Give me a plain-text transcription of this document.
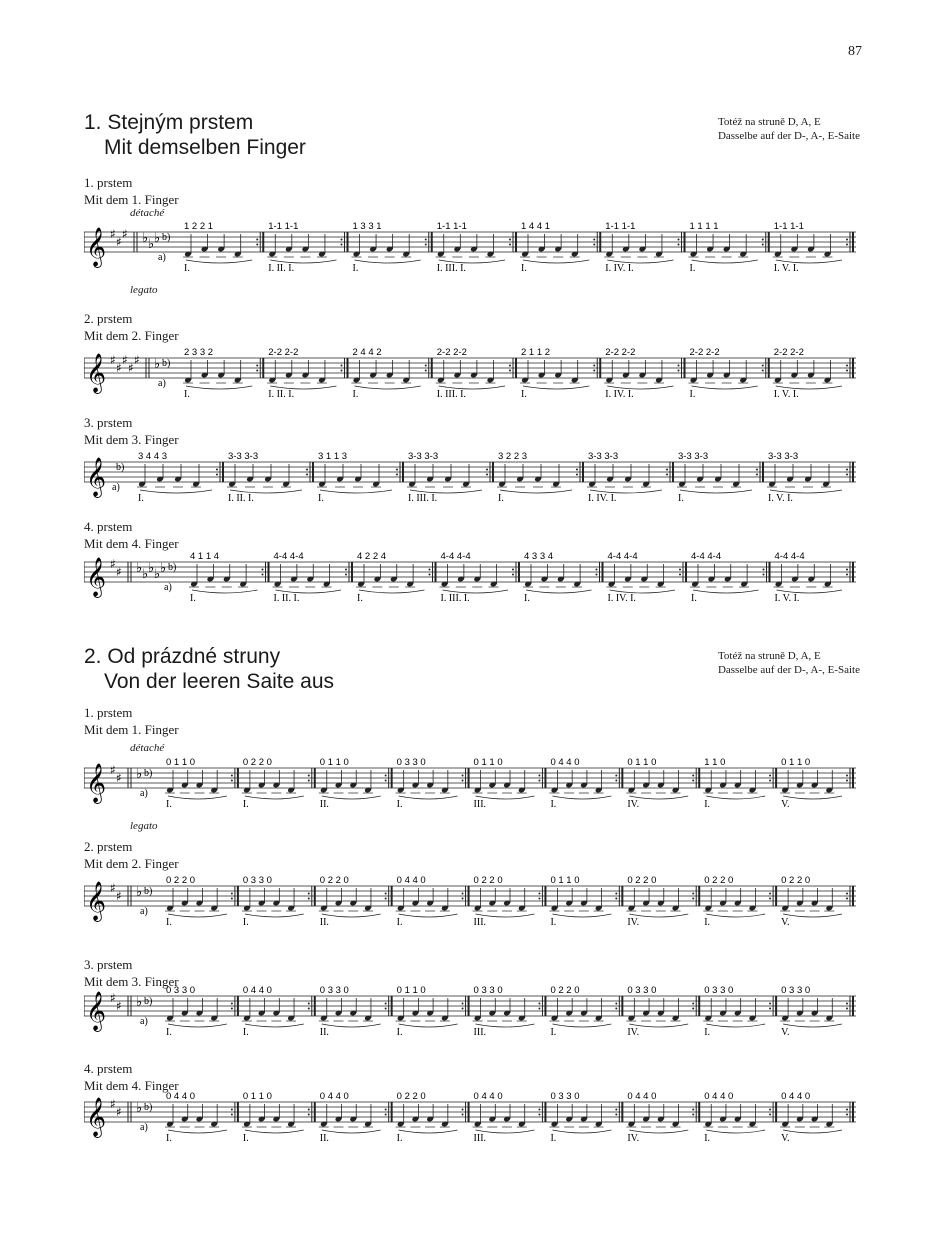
87
1. Stejným prstem
Mit demselben Finger
Totéž na struně D, A, E
Dasselbe auf der D-, A-, E-Saite
1. prstem
Mit dem 1. Finger
détaché
𝄞 ♯
♯
♯ ♭ ♭ ♭ b)
a)
1 2 2 1
I.
1-1 1-1
I. II. I.
1 3 3 1
I.
1-1 1-1
I. III. I.
1 4 4 1
I.
1-1 1-1
I. IV. I.
1 1 1 1
I.
1-1 1-1
I. V. I.
legato
2. prstem
Mit dem 2. Finger
𝄞 ♯
♯
♯
♯
♯ ♭ b)
a)
2 3 3 2
I.
2-2 2-2
I. II. I.
2 4 4 2
I.
2-2 2-2
I. III. I.
2 1 1 2
I.
2-2 2-2
I. IV. I.
2-2 2-2
I.
2-2 2-2
I. V. I.
3. prstem
Mit dem 3. Finger
𝄞 b)
a)
3 4 4 3
I.
3-3 3-3
I. II. I.
3 1 1 3
I.
3-3 3-3
I. III. I.
3 2 2 3
I.
3-3 3-3
I. IV. I.
3-3 3-3
I.
3-3 3-3
I. V. I.
4. prstem
Mit dem 4. Finger
𝄞 ♯
♯ ♭ ♭ ♭ ♭ ♭ b)
a)
4 1 1 4
I.
4-4 4-4
I. II. I.
4 2 2 4
I.
4-4 4-4
I. III. I.
4 3 3 4
I.
4-4 4-4
I. IV. I.
4-4 4-4
I.
4-4 4-4
I. V. I.
2. Od prázdné struny
Von der leeren Saite aus
Totéž na struně D, A, E
Dasselbe auf der D-, A-, E-Saite
1. prstem
Mit dem 1. Finger
détaché
𝄞 ♯
♯ ♭ b)
a)
0 1 1 0
I.
0 2 2 0
I.
0 1 1 0
II.
0 3 3 0
I.
0 1 1 0
III.
0 4 4 0
I.
0 1 1 0
IV.
1 1 0
I.
0 1 1 0
V.
legato
2. prstem
Mit dem 2. Finger
𝄞 ♯
♯ ♭ b)
a)
0 2 2 0
I.
0 3 3 0
I.
0 2 2 0
II.
0 4 4 0
I.
0 2 2 0
III.
0 1 1 0
I.
0 2 2 0
IV.
0 2 2 0
I.
0 2 2 0
V.
3. prstem
Mit dem 3. Finger
𝄞 ♯
♯ ♭ b)
a)
0 3 3 0
I.
0 4 4 0
I.
0 3 3 0
II.
0 1 1 0
I.
0 3 3 0
III.
0 2 2 0
I.
0 3 3 0
IV.
0 3 3 0
I.
0 3 3 0
V.
4. prstem
Mit dem 4. Finger
𝄞 ♯
♯ ♭ b)
a)
0 4 4 0
I.
0 1 1 0
I.
0 4 4 0
II.
0 2 2 0
I.
0 4 4 0
III.
0 3 3 0
I.
0 4 4 0
IV.
0 4 4 0
I.
0 4 4 0
V.
